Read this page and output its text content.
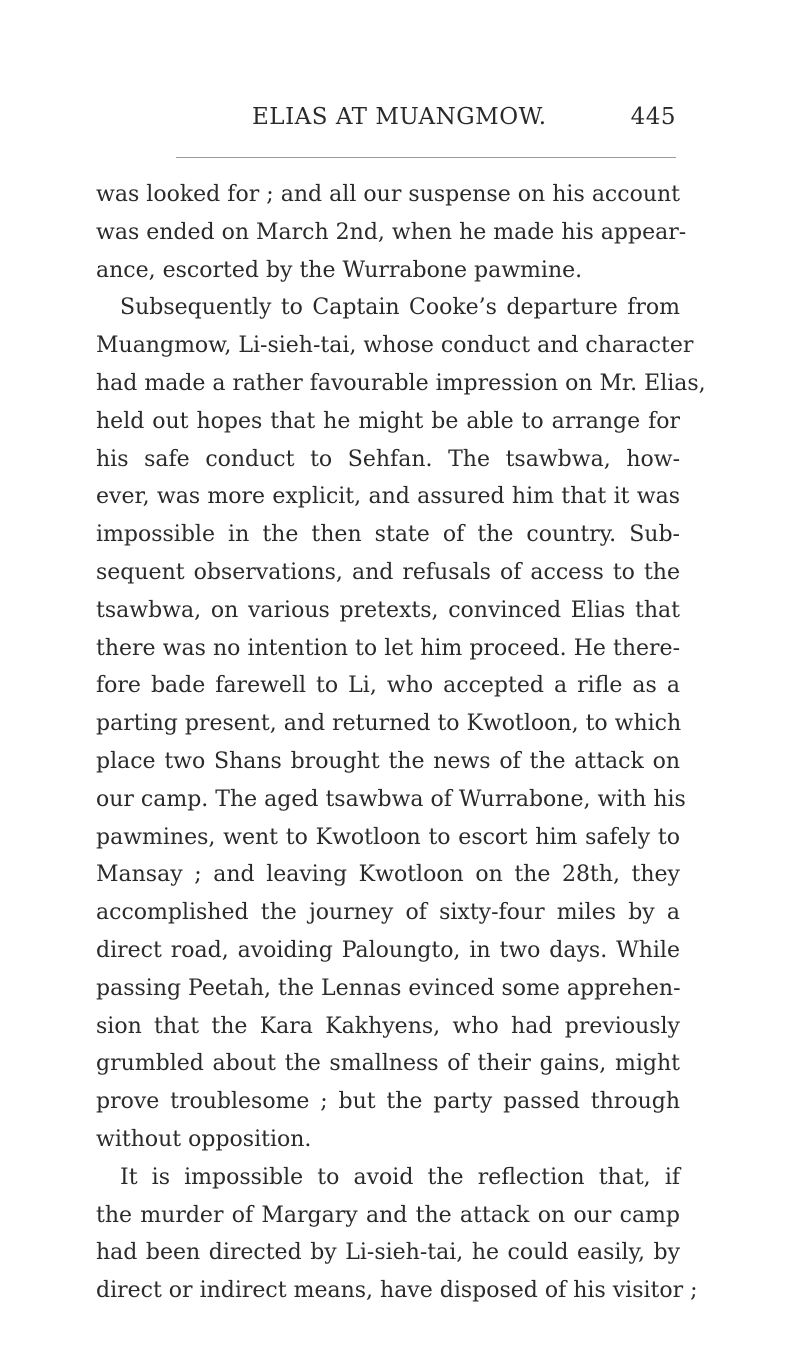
ELIAS AT MUANGMOW.	445
was looked for ; and all our suspense on his account
was ended on March 2nd, when he made his appear-
ance, escorted by the Wurrabone pawmine.
Subsequently to Captain Cooke’s departure from
Muangmow, Li-sieh-tai, whose conduct and character
had made a rather favourable impression on Mr. Elias,
held out hopes that he might be able to arrange for
his safe conduct to Sehfan. The tsawbwa, how-
ever, was more explicit, and assured him that it was
impossible in the then state of the country. Sub-
sequent observations, and refusals of access to the
tsawbwa, on various pretexts, convinced Elias that
there was no intention to let him proceed. He there-
fore bade farewell to Li, who accepted a rifle as a
parting present, and returned to Kwotloon, to which
place two Shans brought the news of the attack on
our camp. The aged tsawbwa of Wurrabone, with his
pawmines, went to Kwotloon to escort him safely to
Mansay ; and leaving Kwotloon on the 28th, they
accomplished the journey of sixty-four miles by a
direct road, avoiding Paloungto, in two days. While
passing Peetah, the Lennas evinced some apprehen-
sion that the Kara Kakhyens, who had previously
grumbled about the smallness of their gains, might
prove troublesome ; but the party passed through
without opposition.
It is impossible to avoid the reflection that, if
the murder of Margary and the attack on our camp
had been directed by Li-sieh-tai, he could easily, by
direct or indirect means, have disposed of his visitor ;
